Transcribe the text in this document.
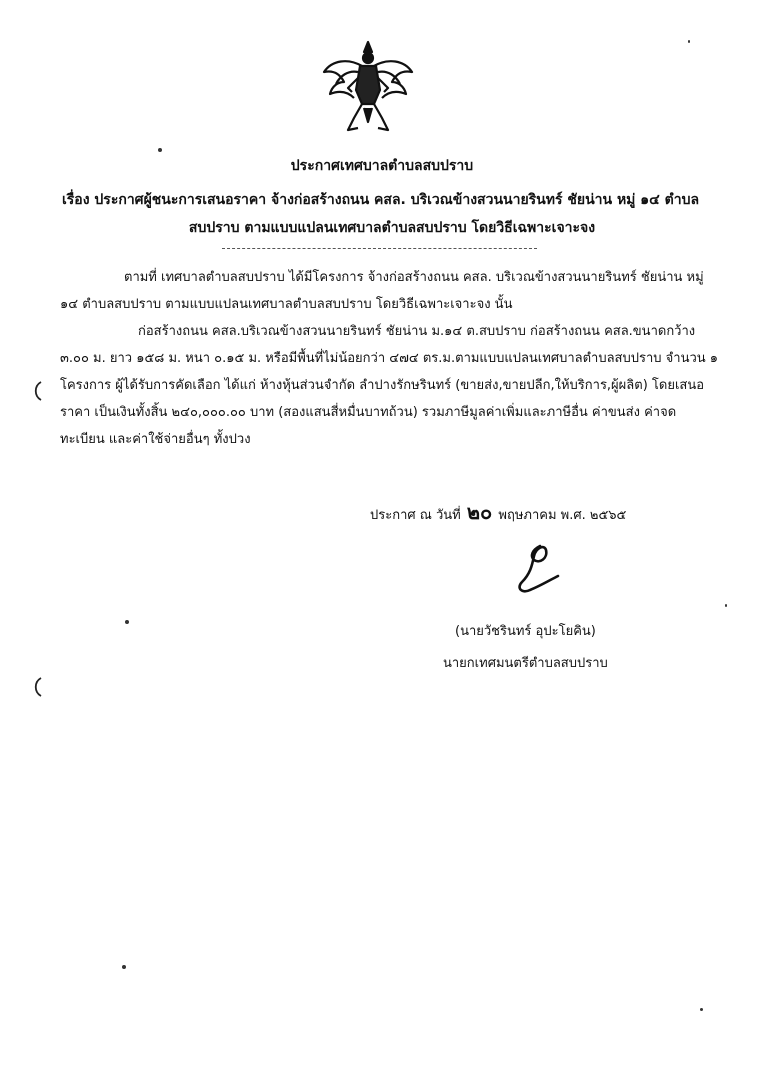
ประกาศเทศบาลตำบลสบปราบ
เรื่อง ประกาศผู้ชนะการเสนอราคา จ้างก่อสร้างถนน คสล. บริเวณข้างสวนนายรินทร์ ชัยน่าน หมู่ ๑๔ ตำบล
สบปราบ ตามแบบแปลนเทศบาลตำบลสบปราบ โดยวิธีเฉพาะเจาะจง
ตามที่ เทศบาลตำบลสบปราบ ได้มีโครงการ จ้างก่อสร้างถนน คสล. บริเวณข้างสวนนายรินทร์ ชัยน่าน หมู่ ๑๔ ตำบลสบปราบ ตามแบบแปลนเทศบาลตำบลสบปราบ โดยวิธีเฉพาะเจาะจง นั้น
ก่อสร้างถนน คสล.บริเวณข้างสวนนายรินทร์ ชัยน่าน ม.๑๔ ต.สบปราบ ก่อสร้างถนน คสล.ขนาดกว้าง
๓.๐๐ ม. ยาว ๑๕๘ ม. หนา ๐.๑๕ ม. หรือมีพื้นที่ไม่น้อยกว่า ๔๗๔ ตร.ม.ตามแบบแปลนเทศบาลตำบลสบปราบ จำนวน ๑ โครงการ ผู้ได้รับการคัดเลือก ได้แก่ ห้างหุ้นส่วนจำกัด ลำปางรักษรินทร์ (ขายส่ง,ขายปลีก,ให้บริการ,ผู้ผลิต) โดยเสนอราคา เป็นเงินทั้งสิ้น ๒๔๐,๐๐๐.๐๐ บาท (สองแสนสี่หมื่นบาทถ้วน) รวมภาษีมูลค่าเพิ่มและภาษีอื่น ค่าขนส่ง ค่าจดทะเบียน และค่าใช้จ่ายอื่นๆ ทั้งปวง
ประกาศ ณ วันที่ ๒๐ พฤษภาคม พ.ศ. ๒๕๖๕
(นายวัชรินทร์ อุปะโยคิน)
นายกเทศมนตรีตำบลสบปราบ
